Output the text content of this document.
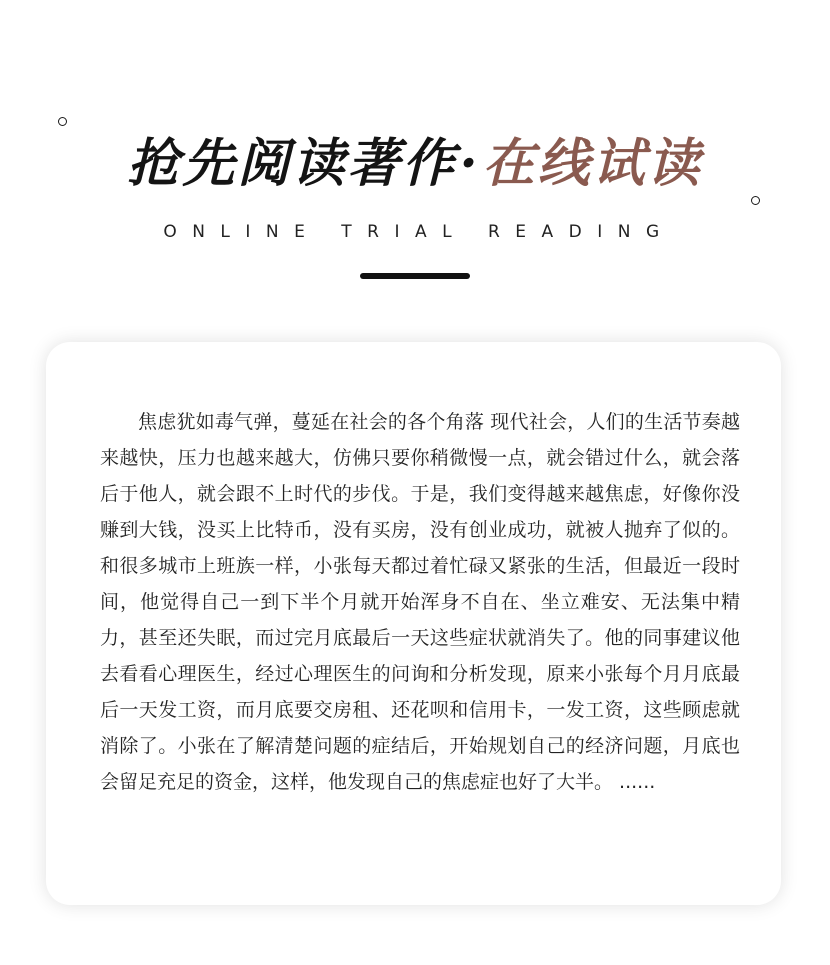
抢先阅读著作·在线试读
ONLINE TRIAL READING

焦虑犹如毒气弹，蔓延在社会的各个角落 现代社会，人们的生活节奏越来越快，压力也越来越大，仿佛只要你稍微慢一点，就会错过什么，就会落后于他人，就会跟不上时代的步伐。于是，我们变得越来越焦虑，好像你没赚到大钱，没买上比特币，没有买房，没有创业成功，就被人抛弃了似的。 和很多城市上班族一样，小张每天都过着忙碌又紧张的生活，但最近一段时间，他觉得自己一到下半个月就开始浑身不自在、坐立难安、无法集中精力，甚至还失眠，而过完月底最后一天这些症状就消失了。他的同事建议他去看看心理医生，经过心理医生的问询和分析发现，原来小张每个月月底最后一天发工资，而月底要交房租、还花呗和信用卡，一发工资，这些顾虑就消除了。小张在了解清楚问题的症结后，开始规划自己的经济问题，月底也会留足充足的资金，这样，他发现自己的焦虑症也好了大半。 ......
